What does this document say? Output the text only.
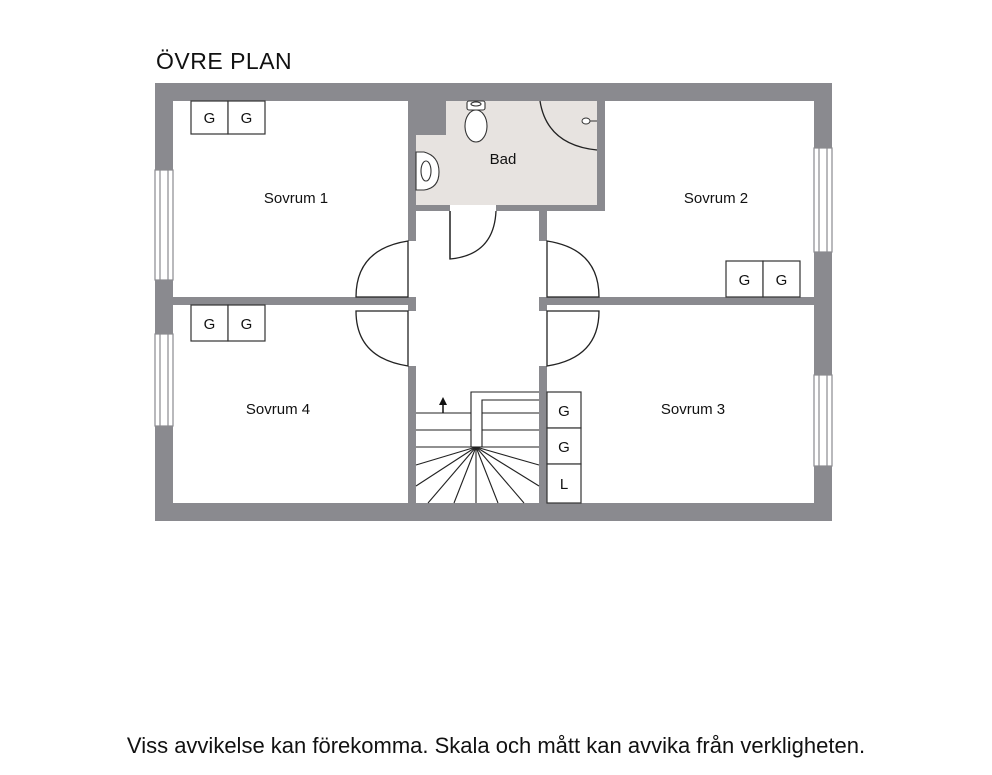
ÖVRE PLAN
G G
G G
G G
G
G
L
Sovrum 1	Sovrum 2
Sovrum 3
Sovrum 4
Bad
Viss avvikelse kan förekomma. Skala och mått kan avvika från verkligheten.
